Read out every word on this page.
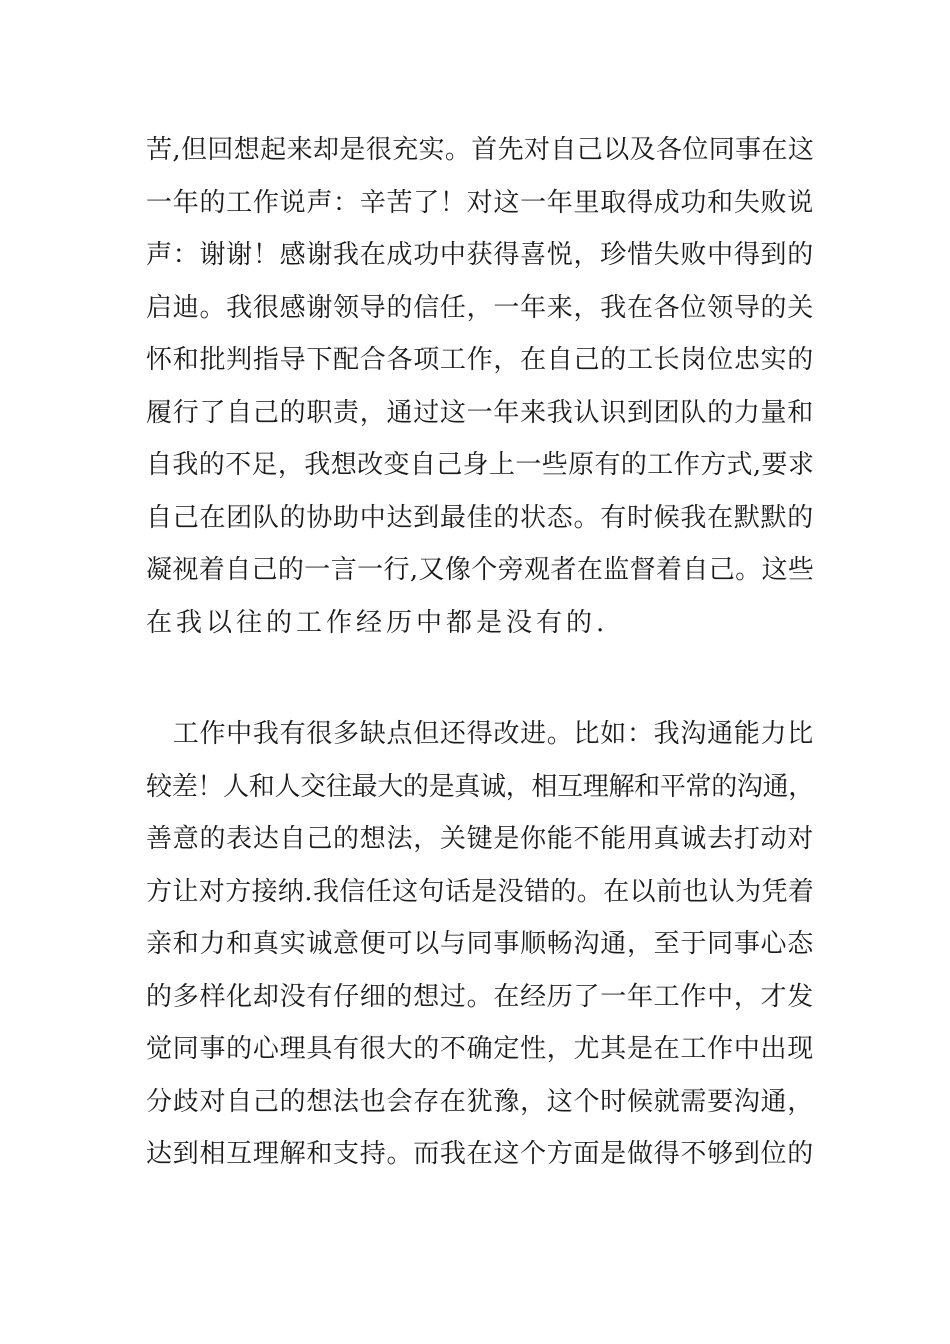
苦,但回想起来却是很充实。首先对自己以及各位同事在这
一年的工作说声：辛苦了！对这一年里取得成功和失败说
声：谢谢！感谢我在成功中获得喜悦，珍惜失败中得到的
启迪。我很感谢领导的信任，一年来，我在各位领导的关
怀和批判指导下配合各项工作，在自己的工长岗位忠实的
履行了自己的职责，通过这一年来我认识到团队的力量和
自我的不足，我想改变自己身上一些原有的工作方式,要求
自己在团队的协助中达到最佳的状态。有时候我在默默的
凝视着自己的一言一行,又像个旁观者在监督着自己。这些
在我以往的工作经历中都是没有的.
　工作中我有很多缺点但还得改进。比如：我沟通能力比
较差！人和人交往最大的是真诚，相互理解和平常的沟通，
善意的表达自己的想法，关键是你能不能用真诚去打动对
方让对方接纳.我信任这句话是没错的。在以前也认为凭着
亲和力和真实诚意便可以与同事顺畅沟通，至于同事心态
的多样化却没有仔细的想过。在经历了一年工作中，才发
觉同事的心理具有很大的不确定性，尤其是在工作中出现
分歧对自己的想法也会存在犹豫，这个时候就需要沟通，
达到相互理解和支持。而我在这个方面是做得不够到位的
